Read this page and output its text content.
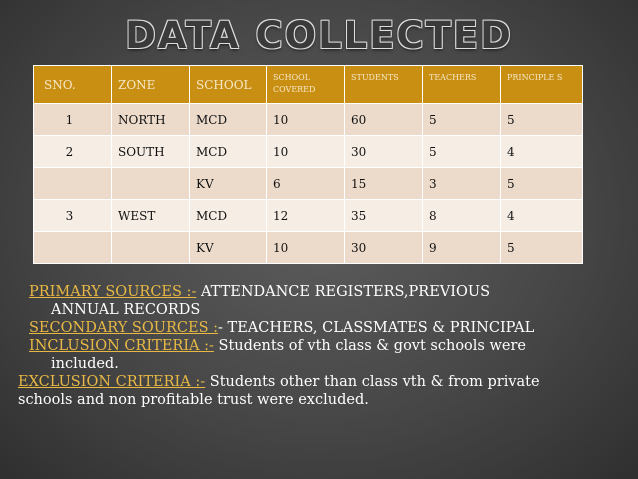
DATA COLLECTED
SNO.	ZONE	SCHOOL	SCHOOL COVERED	STUDENTS	TEACHERS	PRINCIPLE S
1	NORTH	MCD	10	60	5	5
2	SOUTH	MCD	10	30	5	4
		KV	6	15	3	5
3	WEST	MCD	12	35	8	4
		KV	10	30	9	5

PRIMARY SOURCES :- ATTENDANCE REGISTERS,PREVIOUS
ANNUAL RECORDS

SECONDARY SOURCES :- TEACHERS, CLASSMATES & PRINCIPAL

INCLUSION CRITERIA :- Students of vth class & govt schools were
included.

EXCLUSION CRITERIA :- Students other than class vth & from private
schools and non profitable trust were excluded.
